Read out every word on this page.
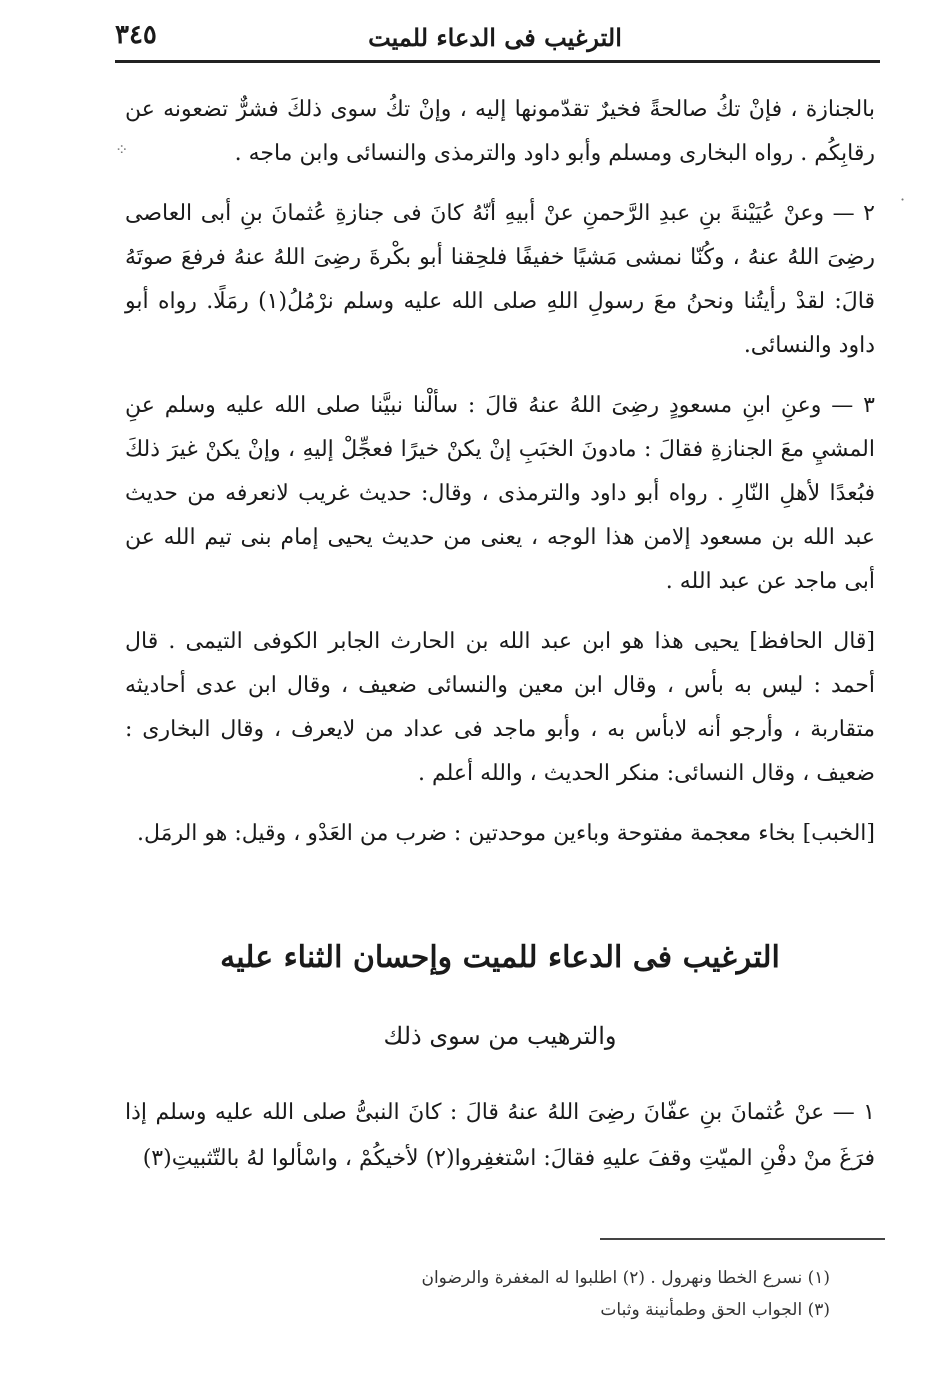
٣٤٥	الترغيب فى الدعاء للميت

بالجنازة ، فإنْ تكُ صالحةً فخيرٌ تقدّمونها إليه ، وإنْ تكُ سوى ذلكَ فشرٌّ تضعونه عن رقابِكُم . رواه البخارى ومسلم وأبو داود والترمذى والنسائى وابن ماجه .

٢ — وعنْ عُيَيْنةَ بنِ عبدِ الرَّحمنِ عنْ أبيهِ أنّهُ كانَ فى جنازةِ عُثمانَ بنِ أبى العاصى رضِىَ اللهُ عنهُ ، وكُنّا نمشى مَشيًا خفيفًا فلحِقنا أبو بكْرةَ رضِىَ اللهُ عنهُ فرفعَ صوتَهُ قالَ: لقدْ رأيتُنا ونحنُ معَ رسولِ اللهِ صلى الله عليه وسلم نرْمُلُ(١) رمَلًا. رواه أبو داود والنسائى.

٣ — وعنِ ابنِ مسعودٍ رضِىَ اللهُ عنهُ قالَ : سألْنا نبيَّنا صلى الله عليه وسلم عنِ المشيِ معَ الجنازةِ فقالَ : مادونَ الخبَبِ إنْ يكنْ خيرًا فعجِّلْ إليهِ ، وإنْ يكنْ غيرَ ذلكَ فبُعدًا لأهلِ النّارِ . رواه أبو داود والترمذى ، وقال: حديث غريب لانعرفه من حديث عبد الله بن مسعود إلامن هذا الوجه ، يعنى من حديث يحيى إمام بنى تيم الله عن أبى ماجد عن عبد الله .

[قال الحافظ] يحيى هذا هو ابن عبد الله بن الحارث الجابر الكوفى التيمى . قال أحمد : ليس به بأس ، وقال ابن معين والنسائى ضعيف ، وقال ابن عدى أحاديثه متقاربة ، وأرجو أنه لابأس به ، وأبو ماجد فى عداد من لايعرف ، وقال البخارى : ضعيف ، وقال النسائى: منكر الحديث ، والله أعلم .

[الخبب] بخاء معجمة مفتوحة وباءين موحدتين : ضرب من العَدْو ، وقيل: هو الرمَل.

الترغيب فى الدعاء للميت وإحسان الثناء عليه
والترهيب من سوى ذلك

١ — عنْ عُثمانَ بنِ عفّانَ رضِىَ اللهُ عنهُ قالَ : كانَ النبىُّ صلى الله عليه وسلم إذا فرَغَ منْ دفْنِ الميّتِ وقفَ عليهِ فقالَ: اسْتغفِروا(٢) لأخيكُمْ ، واسْألوا لهُ بالتّثبيتِ(٣)

(١) نسرع الخطا ونهرول . (٢) اطلبوا له المغفرة والرضوان

(٣) الجواب الحق وطمأنينة وثبات

·
⁘
